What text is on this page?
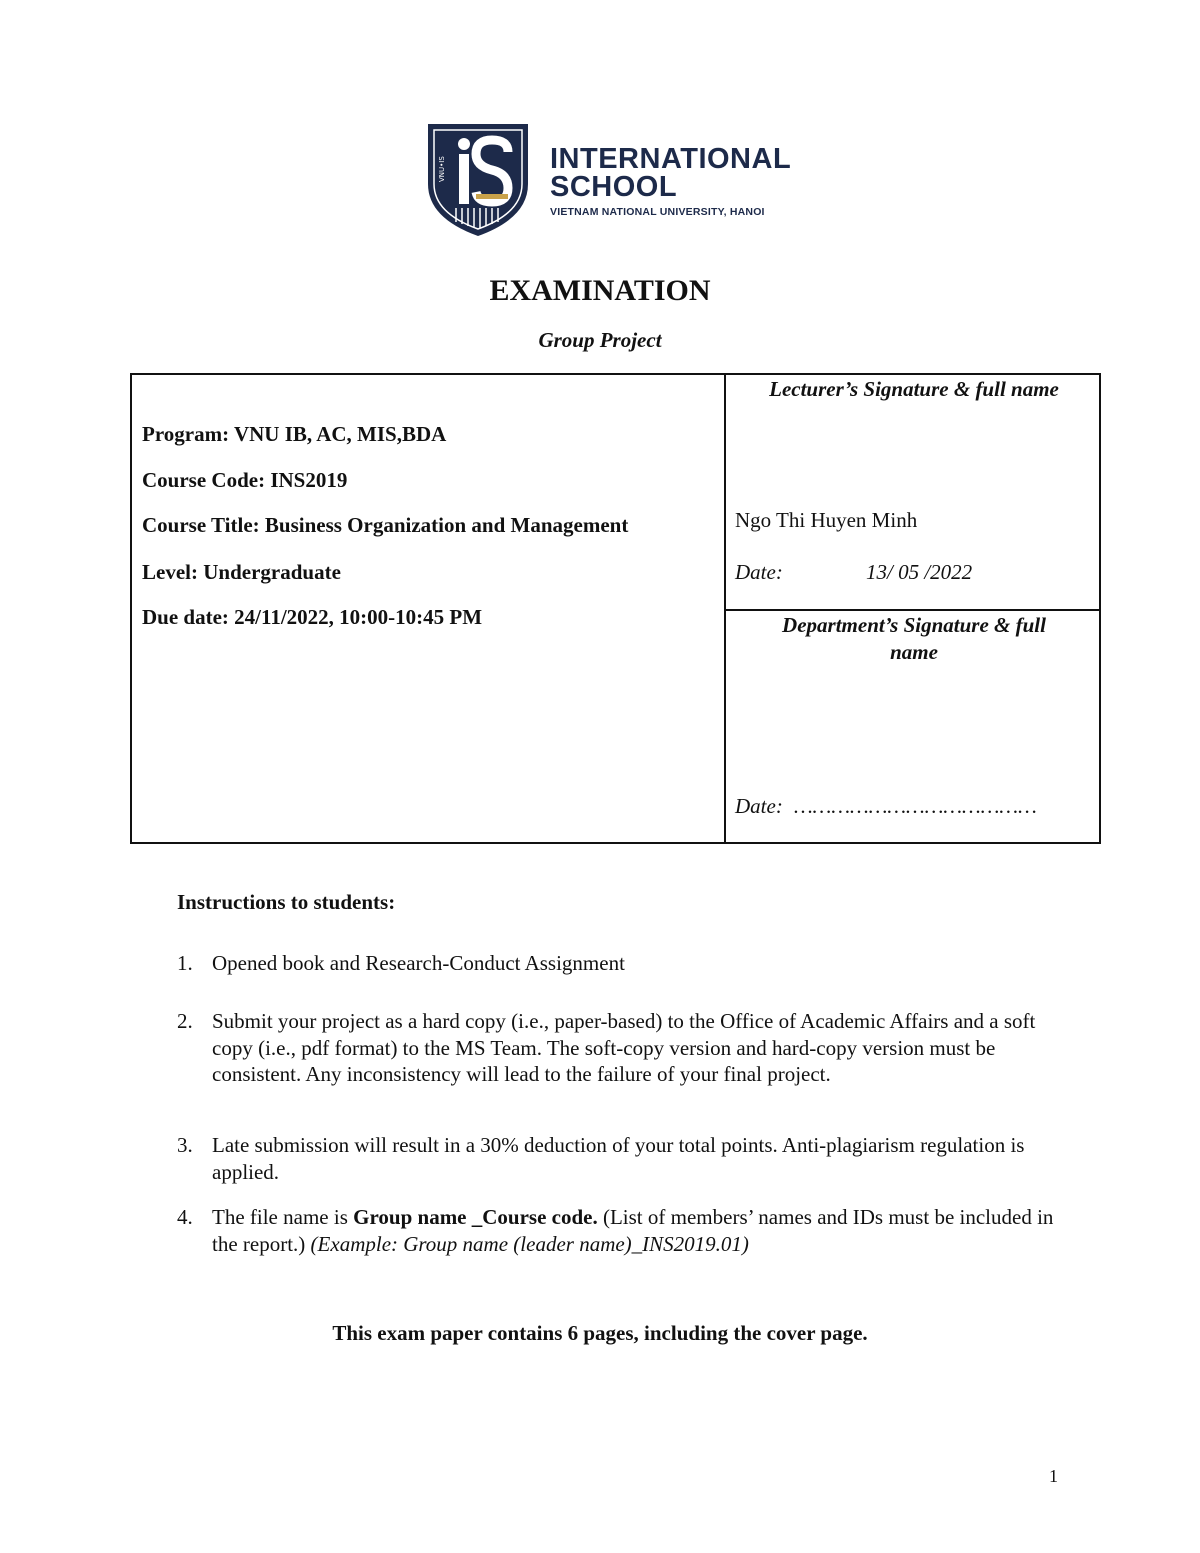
VNU•IS	INTERNATIONAL
SCHOOL
VIETNAM NATIONAL UNIVERSITY, HANOI
EXAMINATION
Group Project
Program: VNU IB, AC, MIS,BDA
Course Code: INS2019
Course Title: Business Organization and Management
Level: Undergraduate
Due date: 24/11/2022, 10:00-10:45 PM
Lecturer’s Signature & full name
Ngo Thi Huyen Minh
Date:	13/ 05 /2022
Department’s Signature & full
name
Date: …………………………………
Instructions to students:
1. Opened book and Research-Conduct Assignment
2. Submit your project as a hard copy (i.e., paper-based) to the Office of Academic Affairs and a soft copy (i.e., pdf format) to the MS Team. The soft-copy version and hard-copy version must be consistent. Any inconsistency will lead to the failure of your final project.
3. Late submission will result in a 30% deduction of your total points. Anti-plagiarism regulation is applied.
4. The file name is Group name _Course code. (List of members’ names and IDs must be included in the report.) (Example: Group name (leader name)_INS2019.01)
This exam paper contains 6 pages, including the cover page.
1
